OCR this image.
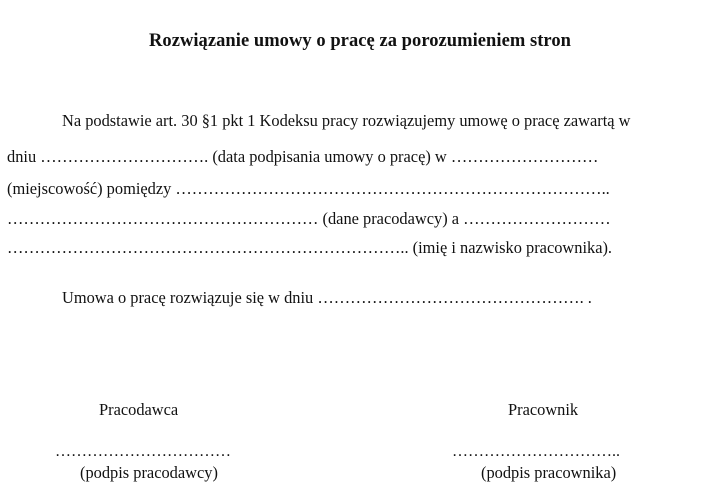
Rozwiązanie umowy o pracę za porozumieniem stron
Na podstawie art. 30 §1 pkt 1 Kodeksu pracy rozwiązujemy umowę o pracę zawartą w
dniu …………………………. (data podpisania umowy o pracę) w ………………………
(miejscowość) pomiędzy ……………………………………………………………………..
………………………………………………… (dane pracodawcy) a ………………………
……………………………………………………………….. (imię i nazwisko pracownika).
Umowa o pracę rozwiązuje się w dniu …………………………………………. .
Pracodawca	Pracownik
……………………………	…………………………..
(podpis pracodawcy)	(podpis pracownika)
